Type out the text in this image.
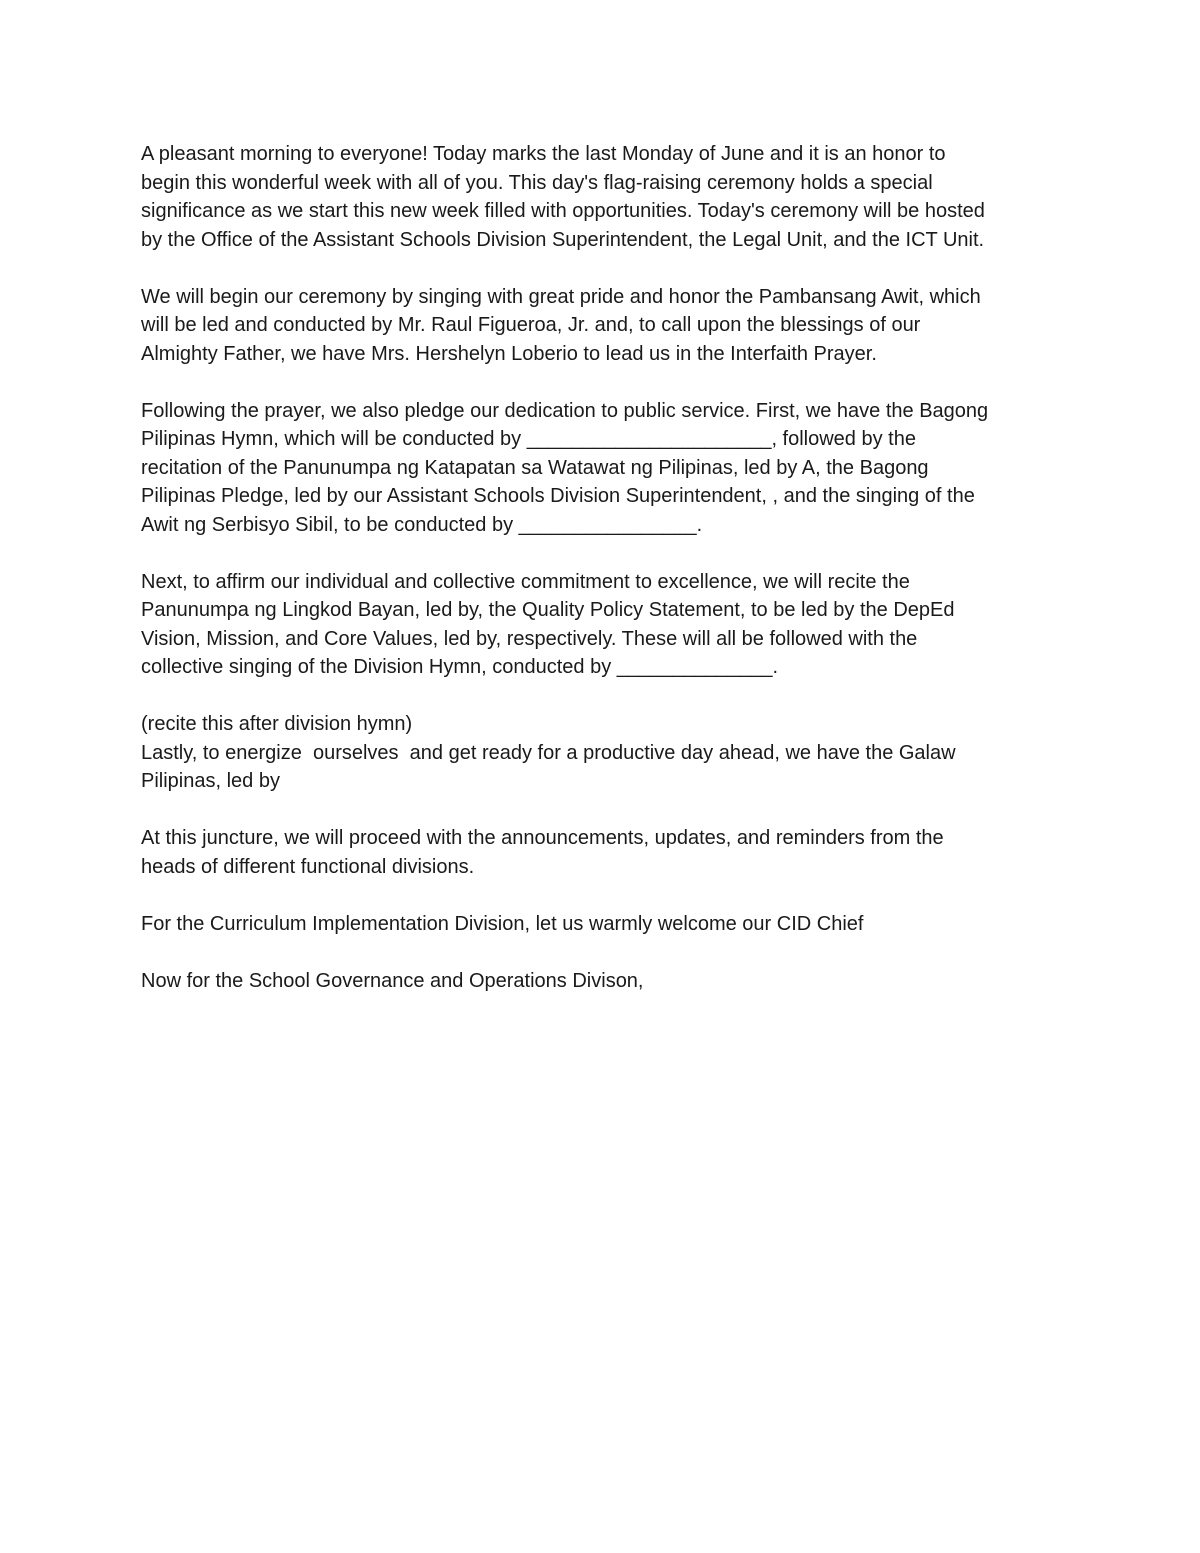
A pleasant morning to everyone! Today marks the last Monday of June and it is an honor to
begin this wonderful week with all of you. This day's flag-raising ceremony holds a special
significance as we start this new week filled with opportunities. Today's ceremony will be hosted
by the Office of the Assistant Schools Division Superintendent, the Legal Unit, and the ICT Unit.

We will begin our ceremony by singing with great pride and honor the Pambansang Awit, which
will be led and conducted by Mr. Raul Figueroa, Jr. and, to call upon the blessings of our
Almighty Father, we have Mrs. Hershelyn Loberio to lead us in the Interfaith Prayer.

Following the prayer, we also pledge our dedication to public service. First, we have the Bagong
Pilipinas Hymn, which will be conducted by ______________________, followed by the
recitation of the Panunumpa ng Katapatan sa Watawat ng Pilipinas, led by A, the Bagong
Pilipinas Pledge, led by our Assistant Schools Division Superintendent, , and the singing of the
Awit ng Serbisyo Sibil, to be conducted by ________________.

Next, to affirm our individual and collective commitment to excellence, we will recite the
Panunumpa ng Lingkod Bayan, led by, the Quality Policy Statement, to be led by the DepEd
Vision, Mission, and Core Values, led by, respectively. These will all be followed with the
collective singing of the Division Hymn, conducted by ______________.

(recite this after division hymn)
Lastly, to energize  ourselves  and get ready for a productive day ahead, we have the Galaw
Pilipinas, led by

At this juncture, we will proceed with the announcements, updates, and reminders from the
heads of different functional divisions.

For the Curriculum Implementation Division, let us warmly welcome our CID Chief

Now for the School Governance and Operations Divison,
